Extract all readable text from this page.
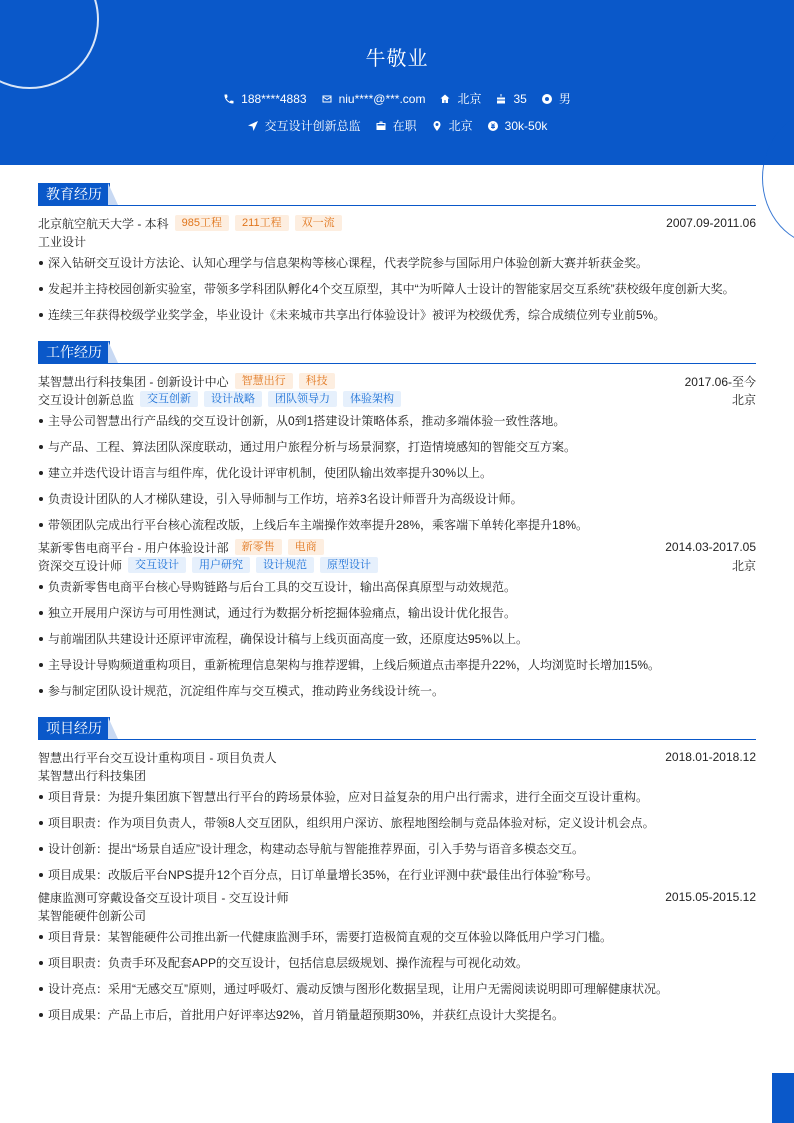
牛敬业
188****4883	niu****@***.com	北京	35	男
交互设计创新总监	在职	北京	30k-50k
教育经历
北京航空航天大学 - 本科	985工程	211工程	双一流	2007.09-2011.06
工业设计
深入钻研交互设计方法论、认知心理学与信息架构等核心课程，代表学院参与国际用户体验创新大赛并斩获金奖。
发起并主持校园创新实验室，带领多学科团队孵化4个交互原型，其中“为听障人士设计的智能家居交互系统”获校级年度创新大奖。
连续三年获得校级学业奖学金，毕业设计《未来城市共享出行体验设计》被评为校级优秀，综合成绩位列专业前5%。
工作经历
某智慧出行科技集团 - 创新设计中心	智慧出行	科技	2017.06-至今
交互设计创新总监	交互创新	设计战略	团队领导力	体验架构	北京
主导公司智慧出行产品线的交互设计创新，从0到1搭建设计策略体系，推动多端体验一致性落地。
与产品、工程、算法团队深度联动，通过用户旅程分析与场景洞察，打造情境感知的智能交互方案。
建立并迭代设计语言与组件库，优化设计评审机制，使团队输出效率提升30%以上。
负责设计团队的人才梯队建设，引入导师制与工作坊，培养3名设计师晋升为高级设计师。
带领团队完成出行平台核心流程改版，上线后车主端操作效率提升28%，乘客端下单转化率提升18%。
某新零售电商平台 - 用户体验设计部	新零售	电商	2014.03-2017.05
资深交互设计师	交互设计	用户研究	设计规范	原型设计	北京
负责新零售电商平台核心导购链路与后台工具的交互设计，输出高保真原型与动效规范。
独立开展用户深访与可用性测试，通过行为数据分析挖掘体验痛点，输出设计优化报告。
与前端团队共建设计还原评审流程，确保设计稿与上线页面高度一致，还原度达95%以上。
主导设计导购频道重构项目，重新梳理信息架构与推荐逻辑，上线后频道点击率提升22%，人均浏览时长增加15%。
参与制定团队设计规范，沉淀组件库与交互模式，推动跨业务线设计统一。
项目经历
智慧出行平台交互设计重构项目 - 项目负责人	2018.01-2018.12
某智慧出行科技集团
项目背景：为提升集团旗下智慧出行平台的跨场景体验，应对日益复杂的用户出行需求，进行全面交互设计重构。
项目职责：作为项目负责人，带领8人交互团队，组织用户深访、旅程地图绘制与竞品体验对标，定义设计机会点。
设计创新：提出“场景自适应”设计理念，构建动态导航与智能推荐界面，引入手势与语音多模态交互。
项目成果：改版后平台NPS提升12个百分点，日订单量增长35%，在行业评测中获“最佳出行体验”称号。
健康监测可穿戴设备交互设计项目 - 交互设计师	2015.05-2015.12
某智能硬件创新公司
项目背景：某智能硬件公司推出新一代健康监测手环，需要打造极简直观的交互体验以降低用户学习门槛。
项目职责：负责手环及配套APP的交互设计，包括信息层级规划、操作流程与可视化动效。
设计亮点：采用“无感交互”原则，通过呼吸灯、震动反馈与图形化数据呈现，让用户无需阅读说明即可理解健康状况。
项目成果：产品上市后，首批用户好评率达92%，首月销量超预期30%，并获红点设计大奖提名。
